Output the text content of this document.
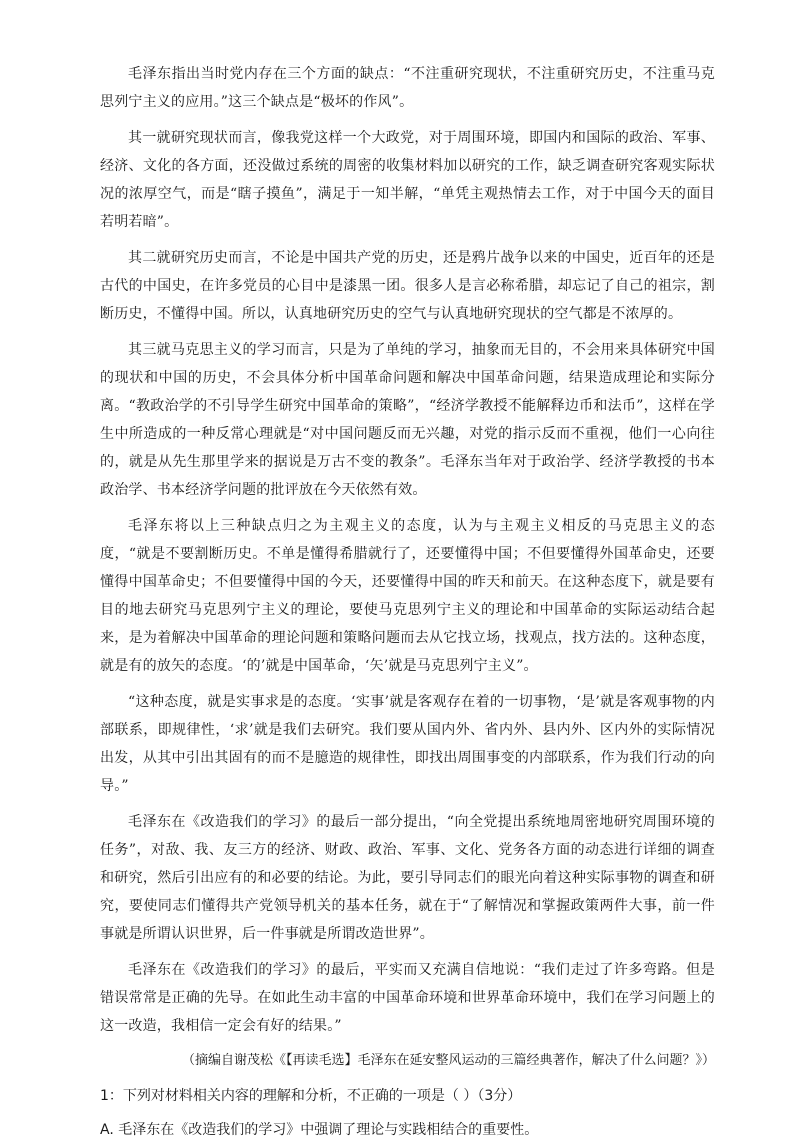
毛泽东指出当时党内存在三个方面的缺点：“不注重研究现状，不注重研究历史，不注重马克思列宁主义的应用。”这三个缺点是“极坏的作风”。

其一就研究现状而言，像我党这样一个大政党，对于周围环境，即国内和国际的政治、军事、经济、文化的各方面，还没做过系统的周密的收集材料加以研究的工作，缺乏调查研究客观实际状况的浓厚空气，而是“瞎子摸鱼”，满足于一知半解，“单凭主观热情去工作，对于中国今天的面目若明若暗”。

其二就研究历史而言，不论是中国共产党的历史，还是鸦片战争以来的中国史，近百年的还是古代的中国史，在许多党员的心目中是漆黑一团。很多人是言必称希腊，却忘记了自己的祖宗，割断历史，不懂得中国。所以，认真地研究历史的空气与认真地研究现状的空气都是不浓厚的。

其三就马克思主义的学习而言，只是为了单纯的学习，抽象而无目的，不会用来具体研究中国的现状和中国的历史，不会具体分析中国革命问题和解决中国革命问题，结果造成理论和实际分离。“教政治学的不引导学生研究中国革命的策略”，“经济学教授不能解释边币和法币”，这样在学生中所造成的一种反常心理就是“对中国问题反而无兴趣，对党的指示反而不重视，他们一心向往的，就是从先生那里学来的据说是万古不变的教条”。毛泽东当年对于政治学、经济学教授的书本政治学、书本经济学问题的批评放在今天依然有效。

毛泽东将以上三种缺点归之为主观主义的态度，认为与主观主义相反的马克思主义的态度，“就是不要割断历史。不单是懂得希腊就行了，还要懂得中国；不但要懂得外国革命史，还要懂得中国革命史；不但要懂得中国的今天，还要懂得中国的昨天和前天。在这种态度下，就是要有目的地去研究马克思列宁主义的理论，要使马克思列宁主义的理论和中国革命的实际运动结合起来，是为着解决中国革命的理论问题和策略问题而去从它找立场，找观点，找方法的。这种态度，就是有的放矢的态度。‘的’就是中国革命，‘矢’就是马克思列宁主义”。

“这种态度，就是实事求是的态度。‘实事’就是客观存在着的一切事物，‘是’就是客观事物的内部联系，即规律性，‘求’就是我们去研究。我们要从国内外、省内外、县内外、区内外的实际情况出发，从其中引出其固有的而不是臆造的规律性，即找出周围事变的内部联系，作为我们行动的向导。”

毛泽东在《改造我们的学习》的最后一部分提出，“向全党提出系统地周密地研究周围环境的任务”，对敌、我、友三方的经济、财政、政治、军事、文化、党务各方面的动态进行详细的调查和研究，然后引出应有的和必要的结论。为此，要引导同志们的眼光向着这种实际事物的调查和研究，要使同志们懂得共产党领导机关的基本任务，就在于“了解情况和掌握政策两件大事，前一件事就是所谓认识世界，后一件事就是所谓改造世界”。

毛泽东在《改造我们的学习》的最后，平实而又充满自信地说：“我们走过了许多弯路。但是错误常常是正确的先导。在如此生动丰富的中国革命环境和世界革命环境中，我们在学习问题上的这一改造，我相信一定会有好的结果。”

（摘编自谢茂松《【再读毛选】毛泽东在延安整风运动的三篇经典著作，解决了什么问题？》）

1：下列对材料相关内容的理解和分析，不正确的一项是（ ）（3分）

A. 毛泽东在《改造我们的学习》中强调了理论与实践相结合的重要性。
